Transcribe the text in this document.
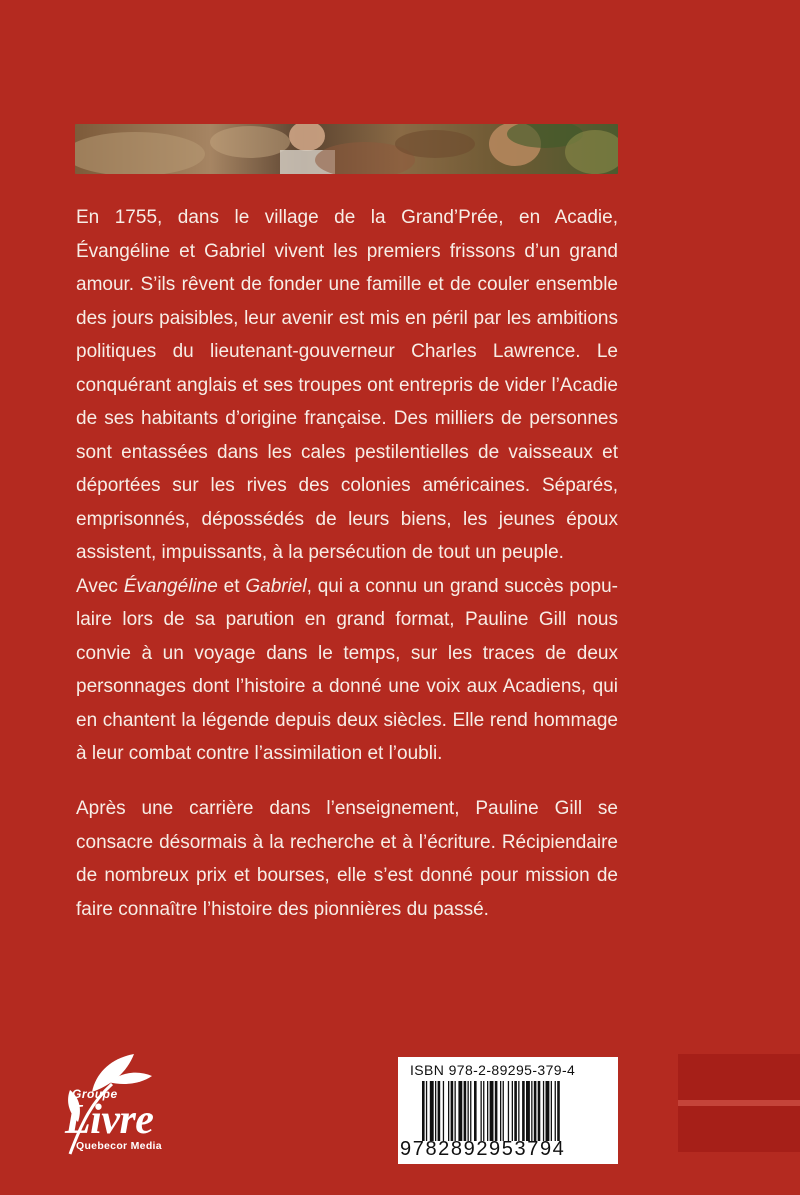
En 1755, dans le village de la Grand’Prée, en Acadie, Évangéline et Gabriel vivent les premiers frissons d’un grand amour. S’ils rêvent de fonder une famille et de couler ensemble des jours paisibles, leur avenir est mis en péril par les ambitions politiques du lieutenant-gouverneur Charles Lawrence. Le conquérant anglais et ses troupes ont entrepris de vider l’Acadie de ses habitants d’origine française. Des milliers de personnes sont entassées dans les cales pestilentielles de vaisseaux et déportées sur les rives des colonies américaines. Séparés, emprisonnés, dépossédés de leurs biens, les jeunes époux assistent, impuissants, à la persécution de tout un peuple.

Avec Évangéline et Gabriel, qui a connu un grand succès populaire lors de sa parution en grand format, Pauline Gill nous convie à un voyage dans le temps, sur les traces de deux personnages dont l’histoire a donné une voix aux Acadiens, qui en chantent la légende depuis deux siècles. Elle rend hommage à leur combat contre l’assimilation et l’oubli.

Après une carrière dans l’enseignement, Pauline Gill se consacre désormais à la recherche et à l’écriture. Récipiendaire de nombreux prix et bourses, elle s’est donné pour mission de faire connaître l’histoire des pionnières du passé.

Groupe
Livre
Quebecor Media
ISBN 978-2-89295-379-4
9782892953794
